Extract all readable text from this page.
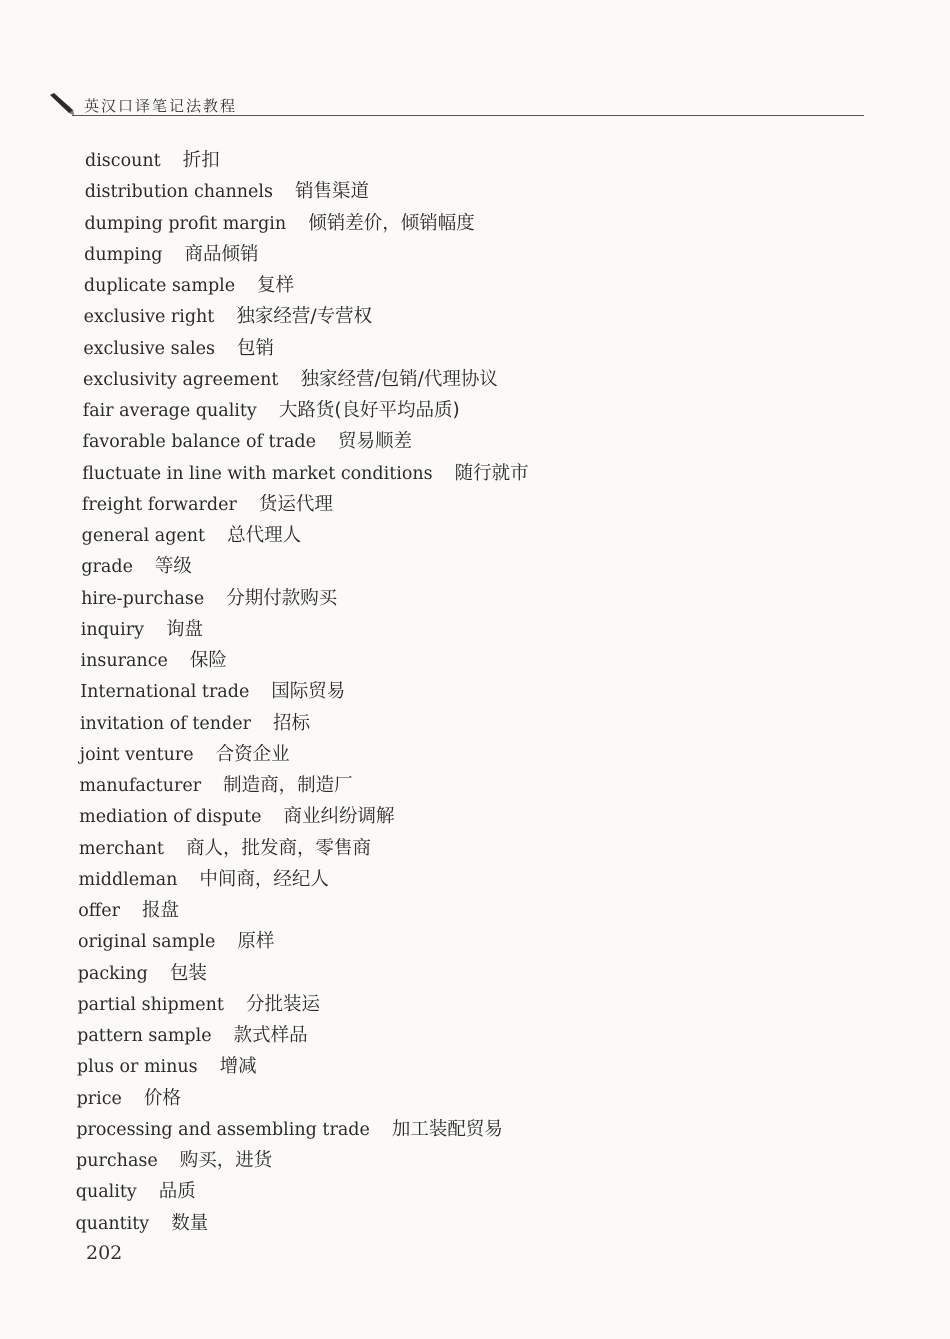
英汉口译笔记法教程
discount 折扣
distribution channels 销售渠道
dumping profit margin 倾销差价，倾销幅度
dumping 商品倾销
duplicate sample 复样
exclusive right 独家经营/专营权
exclusive sales 包销
exclusivity agreement 独家经营/包销/代理协议
fair average quality 大路货(良好平均品质)
favorable balance of trade 贸易顺差
fluctuate in line with market conditions 随行就市
freight forwarder 货运代理
general agent 总代理人
grade 等级
hire-purchase 分期付款购买
inquiry 询盘
insurance 保险
International trade 国际贸易
invitation of tender 招标
joint venture 合资企业
manufacturer 制造商，制造厂
mediation of dispute 商业纠纷调解
merchant 商人，批发商，零售商
middleman 中间商，经纪人
offer 报盘
original sample 原样
packing 包装
partial shipment 分批装运
pattern sample 款式样品
plus or minus 增减
price 价格
processing and assembling trade 加工装配贸易
purchase 购买，进货
quality 品质
quantity 数量
202
